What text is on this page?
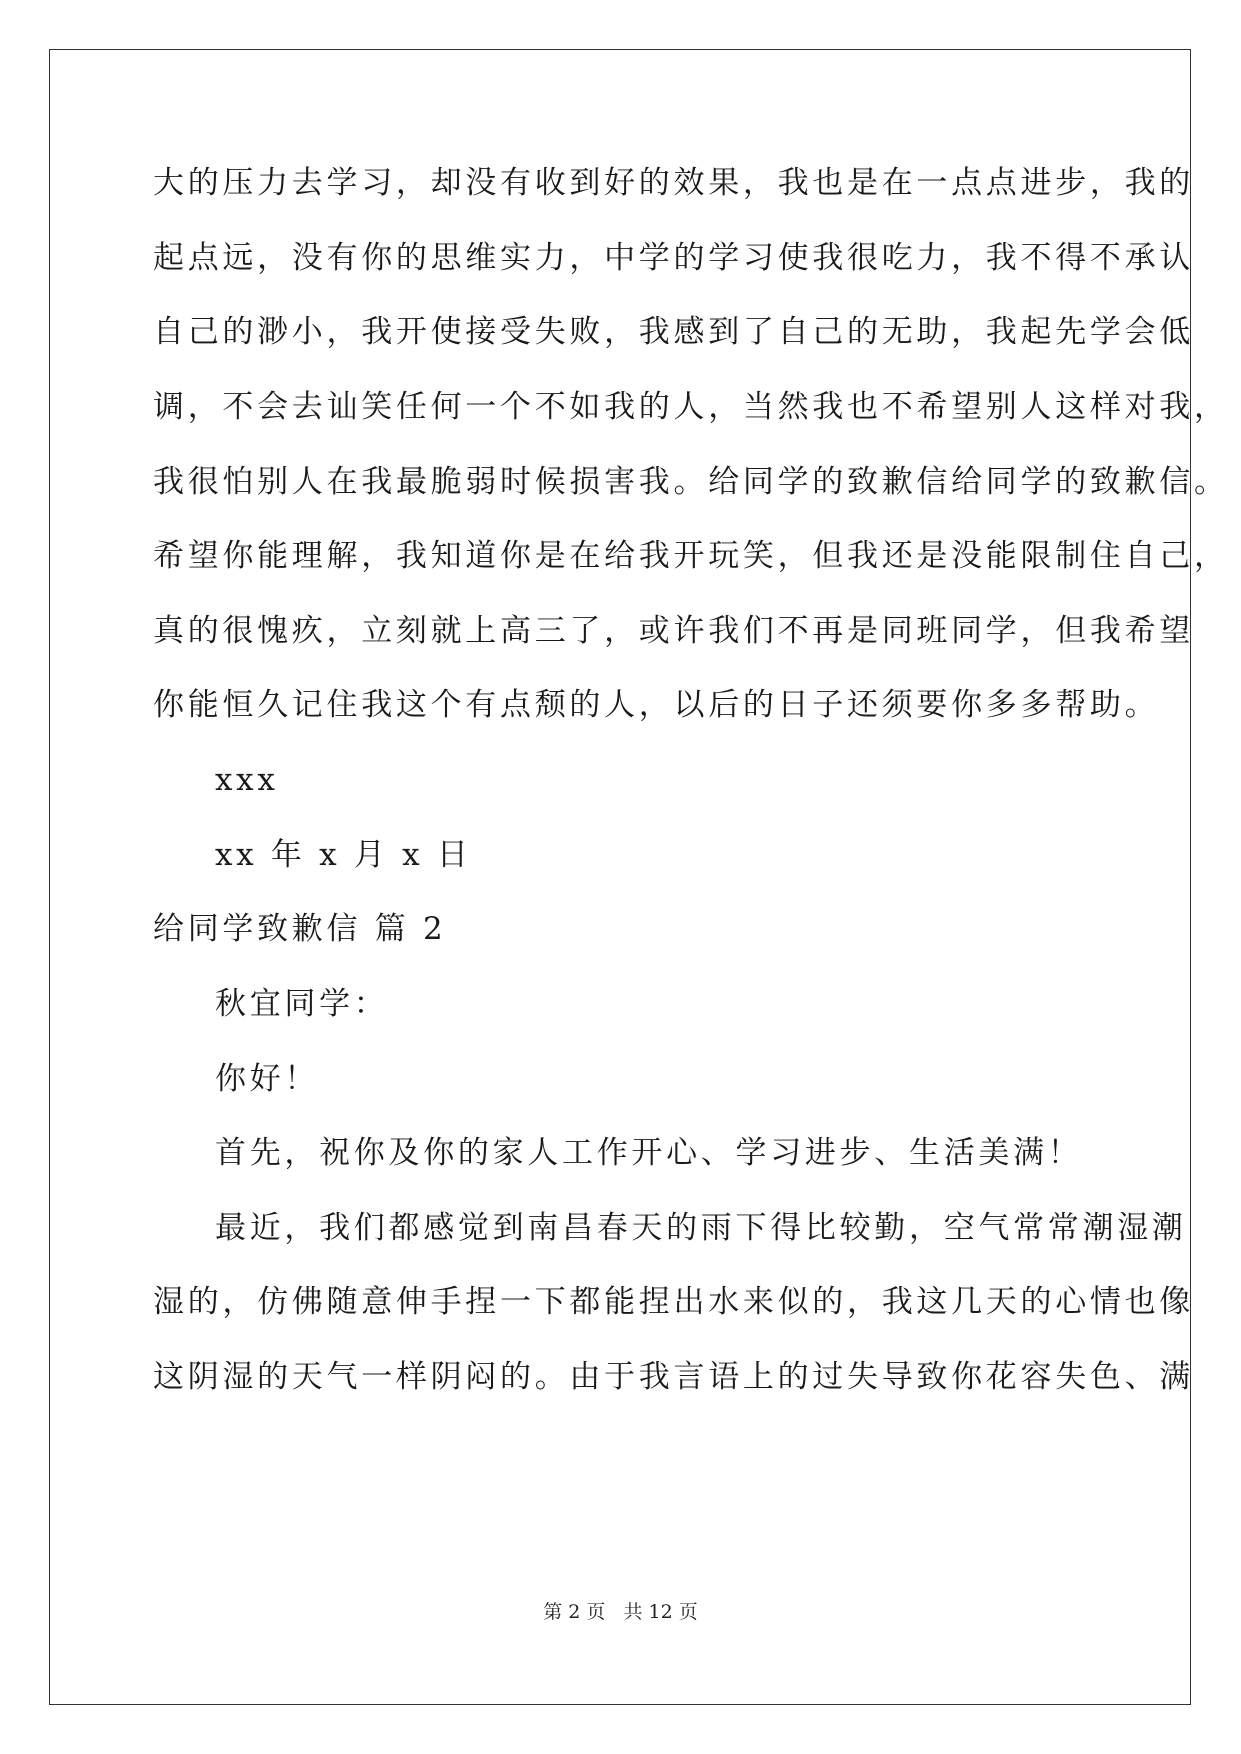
大的压力去学习，却没有收到好的效果，我也是在一点点进步，我的
起点远，没有你的思维实力，中学的学习使我很吃力，我不得不承认
自己的渺小，我开使接受失败，我感到了自己的无助，我起先学会低
调，不会去讪笑任何一个不如我的人，当然我也不希望别人这样对我，
我很怕别人在我最脆弱时候损害我。给同学的致歉信给同学的致歉信。
希望你能理解，我知道你是在给我开玩笑，但我还是没能限制住自己，
真的很愧疚，立刻就上高三了，或许我们不再是同班同学，但我希望
你能恒久记住我这个有点颓的人，以后的日子还须要你多多帮助。
xxx
xx 年 x 月 x 日
给同学致歉信 篇 2
秋宜同学：
你好！
首先，祝你及你的家人工作开心、学习进步、生活美满！
最近，我们都感觉到南昌春天的雨下得比较勤，空气常常潮湿潮
湿的，仿佛随意伸手捏一下都能捏出水来似的，我这几天的心情也像
这阴湿的天气一样阴闷的。由于我言语上的过失导致你花容失色、满
第 2 页 共 12 页
